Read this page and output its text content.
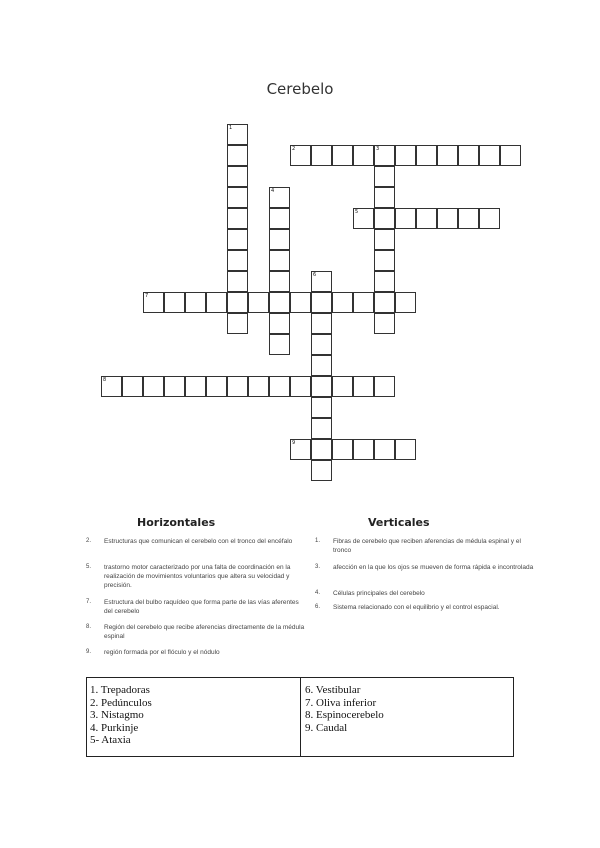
Cerebelo
1
2	3
4
5
6
7
8
9
Horizontales	Verticales
2. Estructuras que comunican el cerebelo con el tronco del encéfalo
5. trastorno motor caracterizado por una falta de coordinación en la realización de movimientos voluntarios que altera su velocidad y precisión.
7. Estructura del bulbo raquídeo que forma parte de las vías aferentes del cerebelo
8. Región del cerebelo que recibe aferencias directamente de la médula espinal
9. región formada por el flóculo y el nódulo
1. Fibras de cerebelo que reciben aferencias de médula espinal y el tronco
3. afección en la que los ojos se mueven de forma rápida e incontrolada
4. Células principales del cerebelo
6. Sistema relacionado con el equilibrio y el control espacial.
1. Trepadoras
2. Pedúnculos
3. Nistagmo
4. Purkinje
5- Ataxia
6. Vestibular
7. Oliva inferior
8. Espinocerebelo
9. Caudal
